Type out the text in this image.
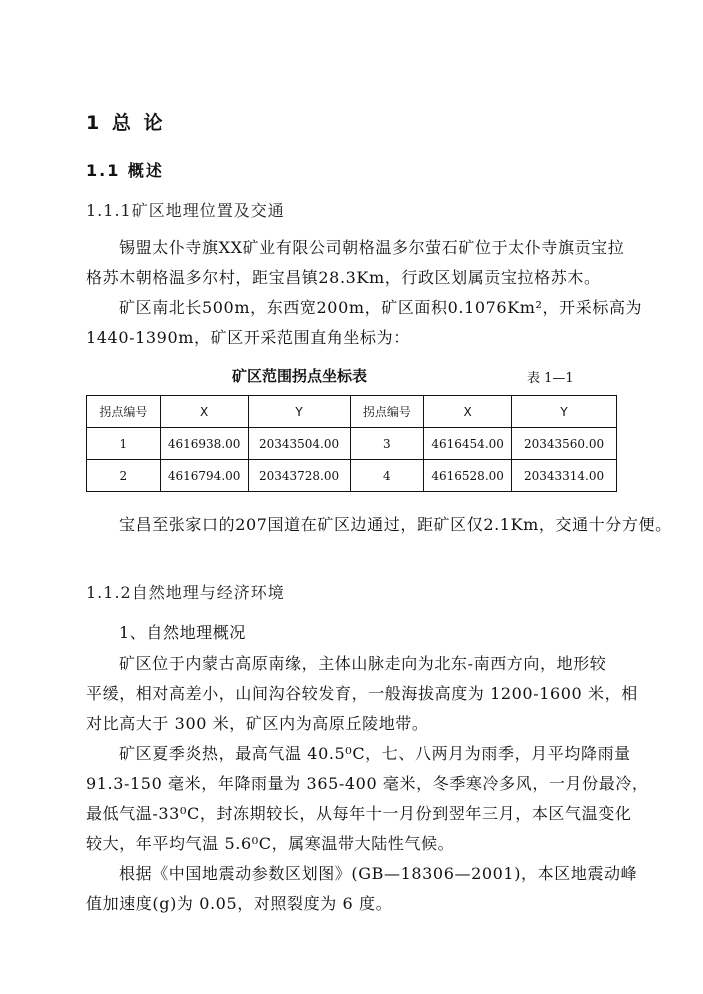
1 总 论
1.1 概述
1.1.1矿区地理位置及交通
锡盟太仆寺旗XX矿业有限公司朝格温多尔萤石矿位于太仆寺旗贡宝拉
格苏木朝格温多尔村，距宝昌镇28.3Km，行政区划属贡宝拉格苏木。
矿区南北长500m，东西宽200m，矿区面积0.1076Km²，开采标高为
1440-1390m，矿区开采范围直角坐标为：
矿区范围拐点坐标表	表 1—1
拐点编号	X	Y	拐点编号	X	Y
1	4616938.00	20343504.00	3	4616454.00	20343560.00
2	4616794.00	20343728.00	4	4616528.00	20343314.00
宝昌至张家口的207国道在矿区边通过，距矿区仅2.1Km，交通十分方便。
1.1.2自然地理与经济环境
1、自然地理概况
矿区位于内蒙古高原南缘，主体山脉走向为北东-南西方向，地形较
平缓，相对高差小，山间沟谷较发育，一般海拔高度为 1200-1600 米，相
对比高大于 300 米，矿区内为高原丘陵地带。
矿区夏季炎热，最高气温 40.5⁰C，七、八两月为雨季，月平均降雨量
91.3-150 毫米，年降雨量为 365-400 毫米，冬季寒冷多风，一月份最冷，
最低气温-33⁰C，封冻期较长，从每年十一月份到翌年三月，本区气温变化
较大，年平均气温 5.6⁰C，属寒温带大陆性气候。
根据《中国地震动参数区划图》(GB—18306—2001)，本区地震动峰
值加速度(g)为 0.05，对照裂度为 6 度。
